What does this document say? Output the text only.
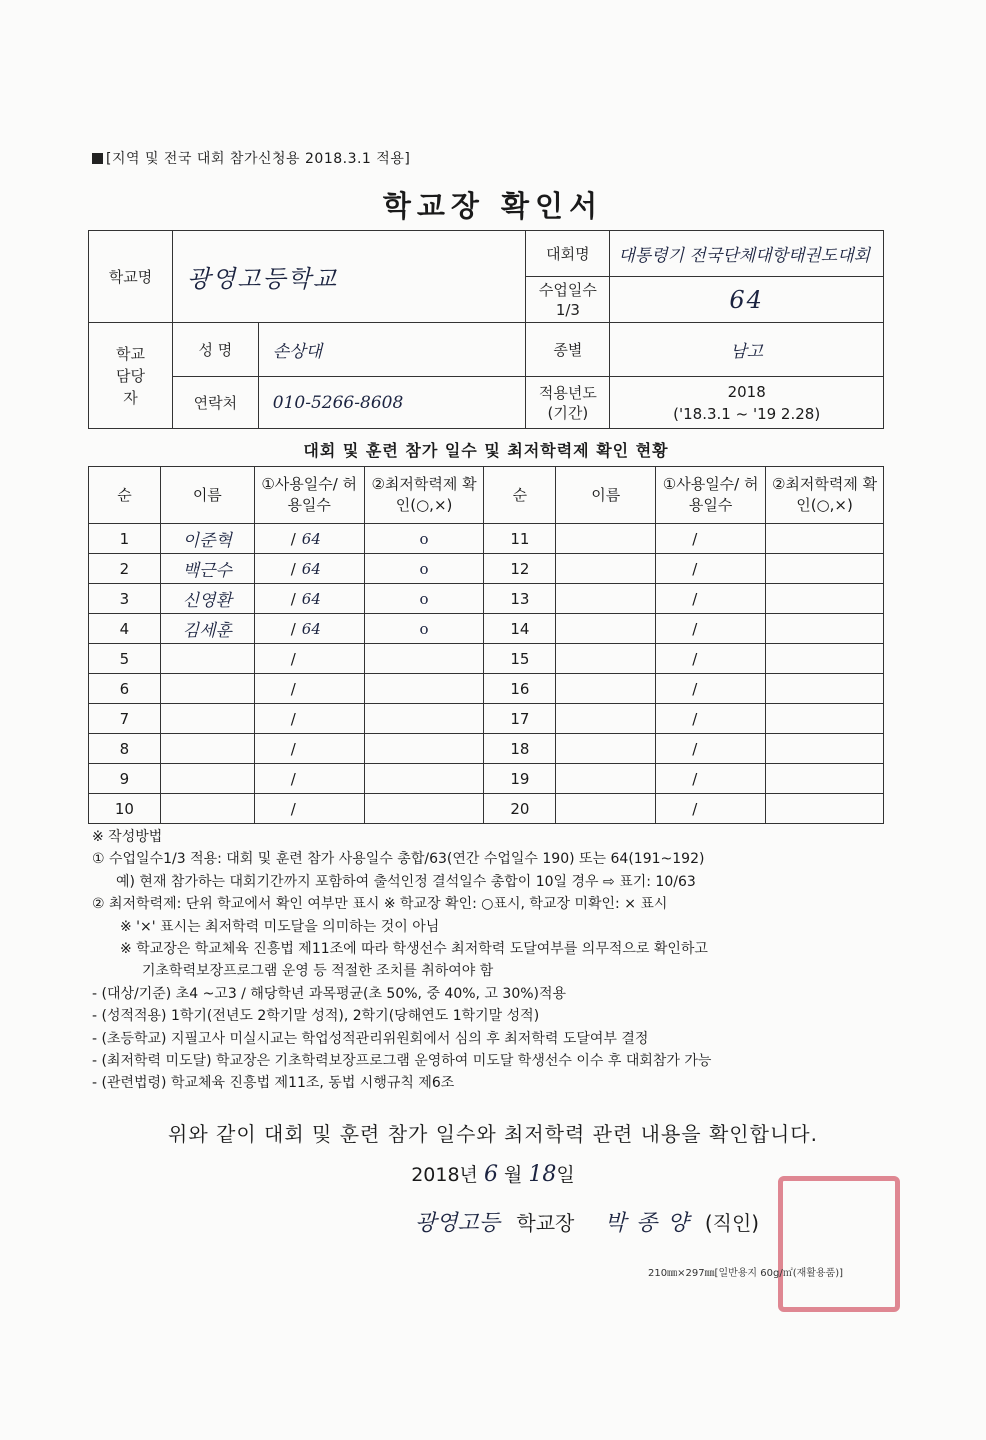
[지역 및 전국 대회 참가신청용 2018.3.1 적용]
학교장 확인서
학교명	광영고등학교		대회명	대통령기 전국단체대항태권도대회
			수업일수 1/3	64
학교 담당자	성 명	손상대	종별	남고
	연락처	010-5266-8608	적용년도 (기간)	2018
('18.3.1 ~ '19 2.28)
대회 및 훈련 참가 일수 및 최저학력제 확인 현황
순	이름	①사용일수/ 허용일수	②최저학력제 확인(○,×)	순	이름	①사용일수/ 허용일수	②최저학력제 확인(○,×)
1	이준혁	/ 64	o	11		/	
2	백근수	/ 64	o	12		/	
3	신영환	/ 64	o	13		/	
4	김세훈	/ 64	o	14		/	
5		/		15		/	
6		/		16		/	
7		/		17		/	
8		/		18		/	
9		/		19		/	
10		/		20		/	
※ 작성방법
① 수업일수1/3 적용: 대회 및 훈련 참가 사용일수 총합/63(연간 수업일수 190) 또는 64(191~192)
예) 현재 참가하는 대회기간까지 포함하여 출석인정 결석일수 총합이 10일 경우 ⇨ 표기: 10/63
② 최저학력제: 단위 학교에서 확인 여부만 표시 ※ 학교장 확인: ○표시, 학교장 미확인: × 표시
※ '×' 표시는 최저학력 미도달을 의미하는 것이 아님
※ 학교장은 학교체육 진흥법 제11조에 따라 학생선수 최저학력 도달여부를 의무적으로 확인하고
기초학력보장프로그램 운영 등 적절한 조치를 취하여야 함
- (대상/기준) 초4 ~고3 / 해당학년 과목평균(초 50%, 중 40%, 고 30%)적용
- (성적적용) 1학기(전년도 2학기말 성적), 2학기(당해연도 1학기말 성적)
- (초등학교) 지필고사 미실시교는 학업성적관리위원회에서 심의 후 최저학력 도달여부 결정
- (최저학력 미도달) 학교장은 기초학력보장프로그램 운영하여 미도달 학생선수 이수 후 대회참가 가능
- (관련법령) 학교체육 진흥법 제11조, 동법 시행규칙 제6조
위와 같이 대회 및 훈련 참가 일수와 최저학력 관련 내용을 확인합니다.
2018년 6 월 18일
광영고등 학교장 박종양 (직인)
210㎜×297㎜[일반용지 60g/㎡(재활용품)]
